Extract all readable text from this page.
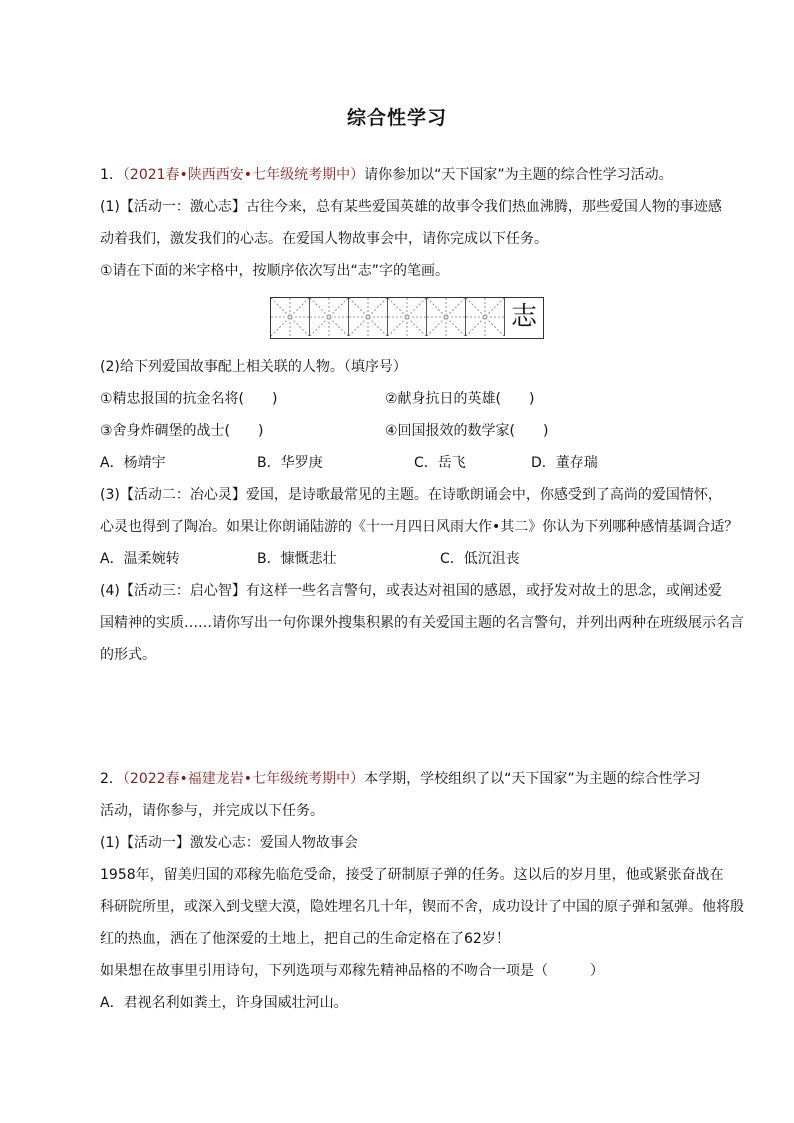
综合性学习
1．（2021春•陕西西安•七年级统考期中）请你参加以“天下国家”为主题的综合性学习活动。
(1)【活动一：激心志】古往今来，总有某些爱国英雄的故事令我们热血沸腾，那些爱国人物的事迹感
动着我们，激发我们的心志。在爱国人物故事会中，请你完成以下任务。
①请在下面的米字格中，按顺序依次写出“志”字的笔画。
志
(2)给下列爱国故事配上相关联的人物。（填序号）
①精忠报国的抗金名将(　　)	②献身抗日的英雄(　　)
③舍身炸碉堡的战士(　　)	④回国报效的数学家(　　)
A．杨靖宇	B．华罗庚	C．岳飞	D．董存瑞
(3)【活动二：冶心灵】爱国，是诗歌最常见的主题。在诗歌朗诵会中，你感受到了高尚的爱国情怀，
心灵也得到了陶冶。如果让你朗诵陆游的《十一月四日风雨大作•其二》你认为下列哪种感情基调合适？
A．温柔婉转	B．慷慨悲壮	C．低沉沮丧
(4)【活动三：启心智】有这样一些名言警句，或表达对祖国的感恩，或抒发对故土的思念，或阐述爱
国精神的实质……请你写出一句你课外搜集积累的有关爱国主题的名言警句，并列出两种在班级展示名言
的形式。
2．（2022春•福建龙岩•七年级统考期中）本学期，学校组织了以“天下国家”为主题的综合性学习
活动，请你参与，并完成以下任务。
(1)【活动一】激发心志：爱国人物故事会
1958年，留美归国的邓稼先临危受命，接受了研制原子弹的任务。这以后的岁月里，他或紧张奋战在
科研院所里，或深入到戈壁大漠，隐姓埋名几十年，锲而不舍，成功设计了中国的原子弹和氢弹。他将殷
红的热血，洒在了他深爱的土地上，把自己的生命定格在了62岁！
如果想在故事里引用诗句，下列选项与邓稼先精神品格的不吻合一项是（　　　）
A．君视名利如粪土，许身国威壮河山。
